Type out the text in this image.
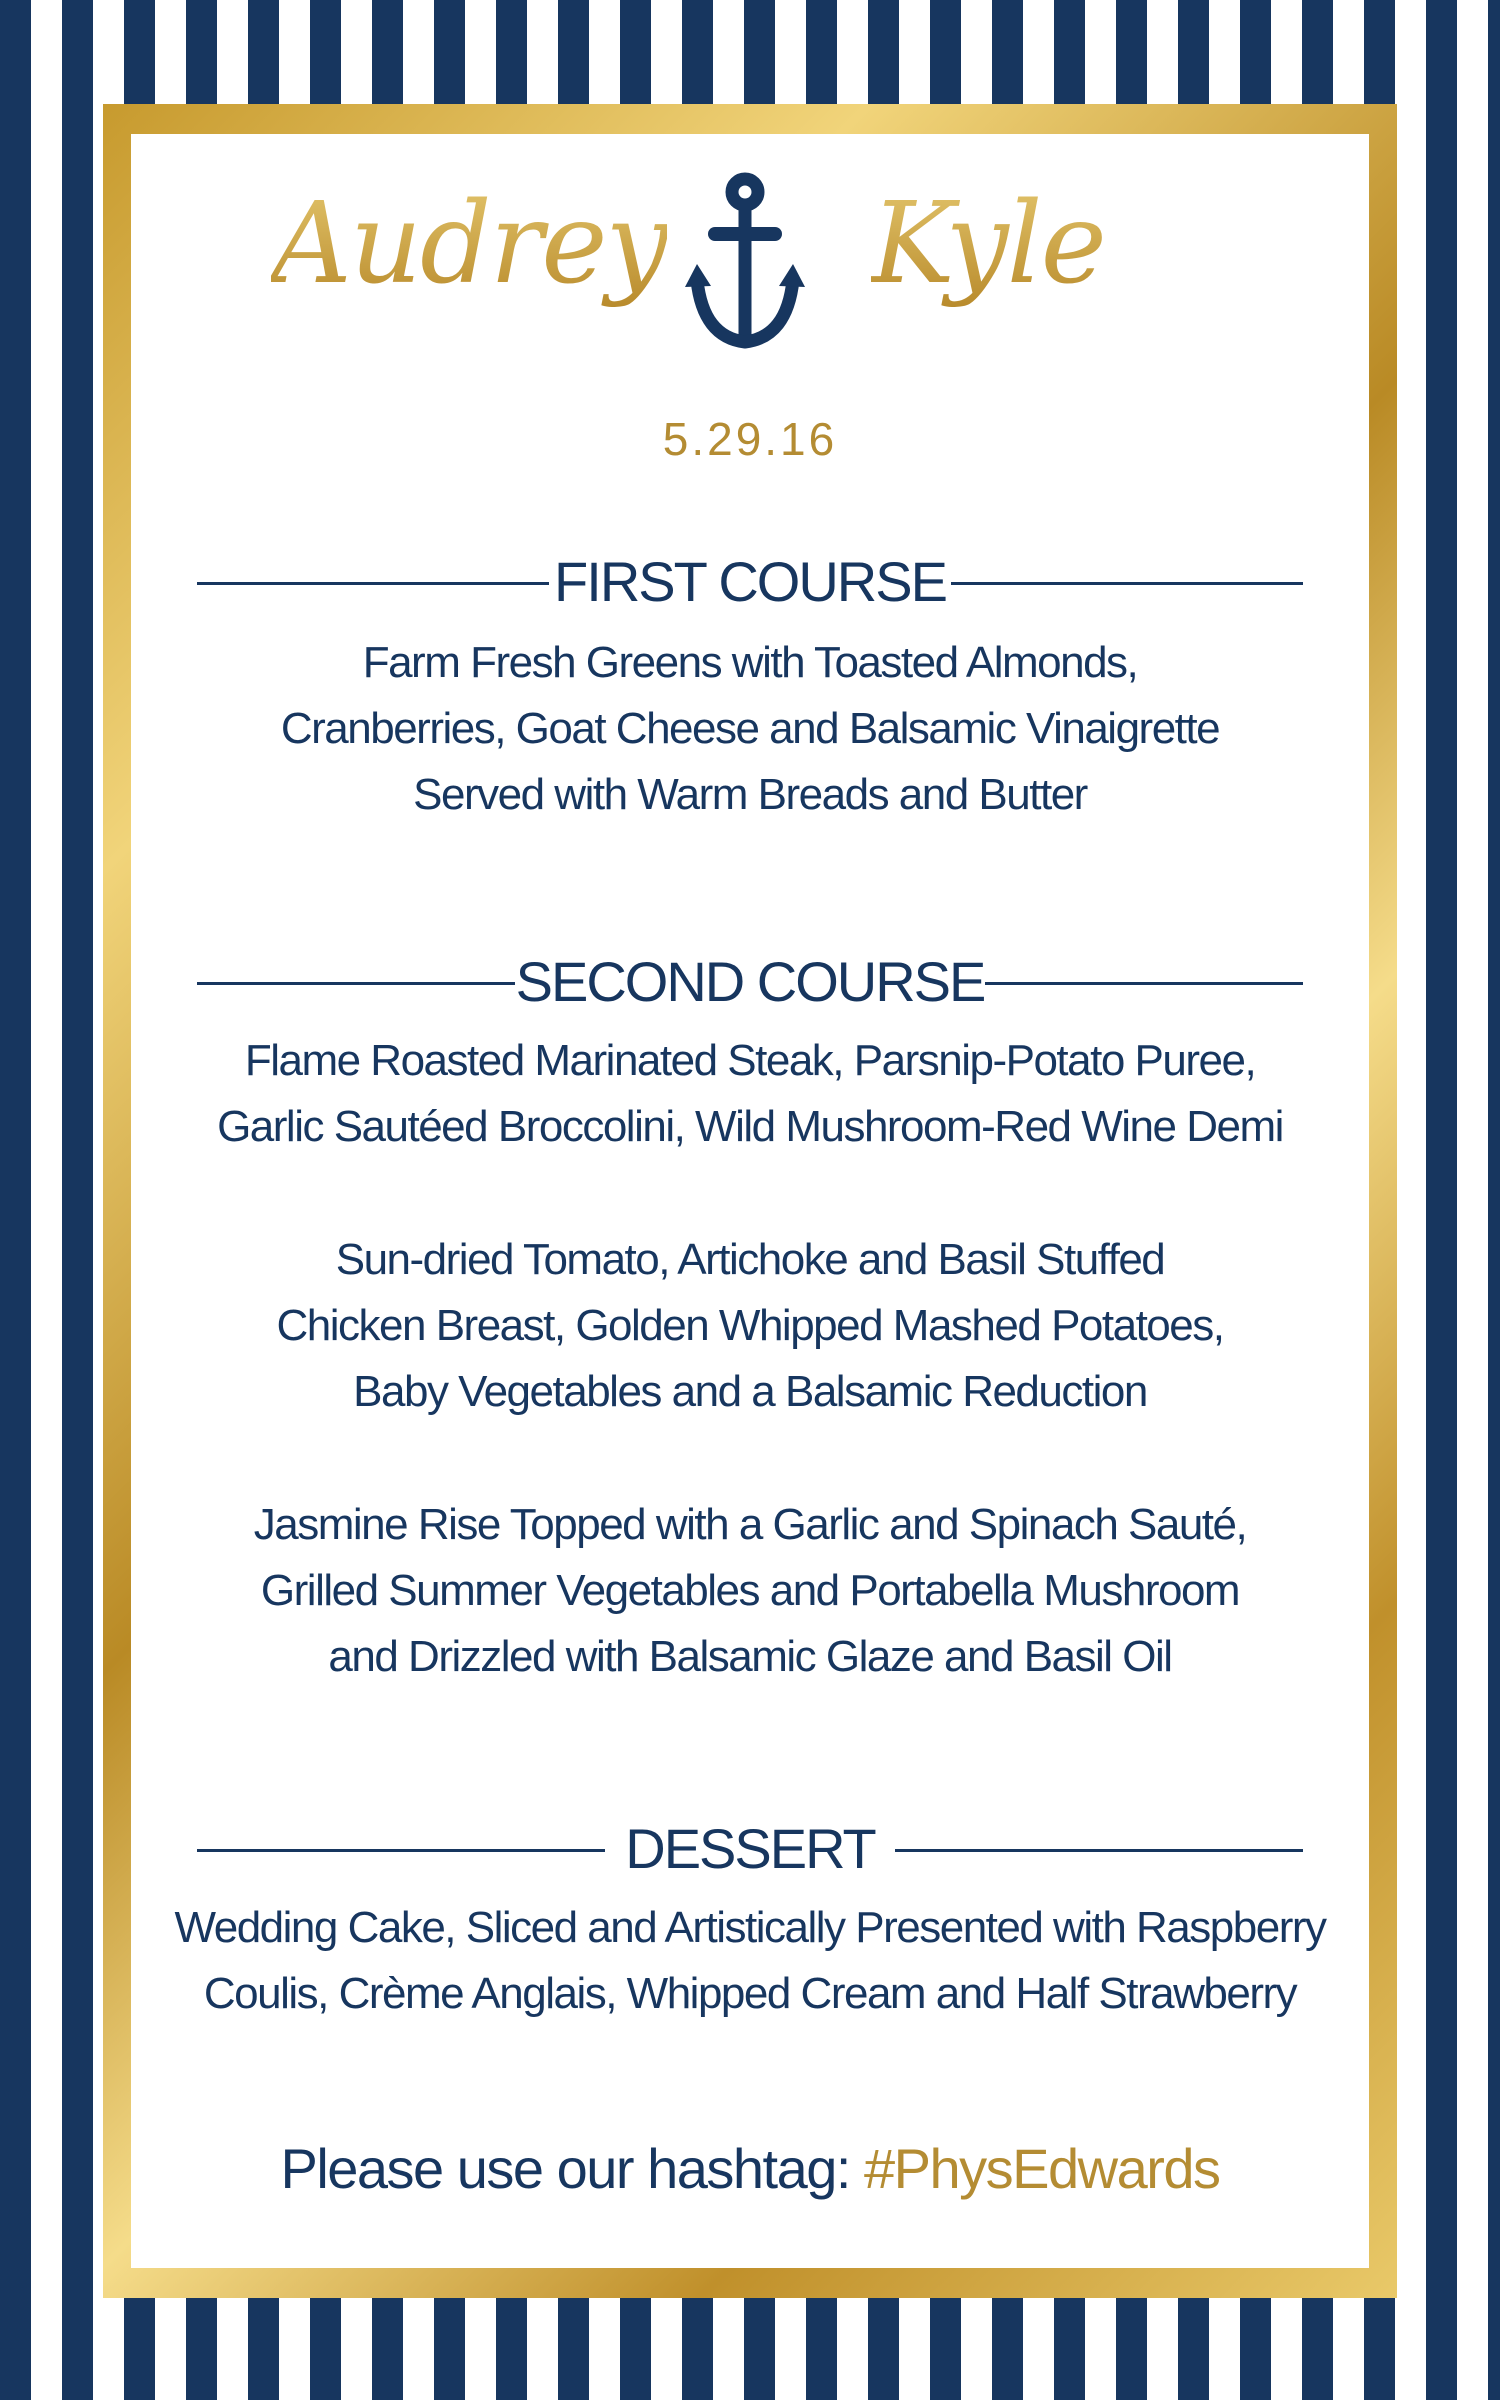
Audrey Kyle
5.29.16
FIRST COURSE

Farm Fresh Greens with Toasted Almonds,

Cranberries, Goat Cheese and Balsamic Vinaigrette

Served with Warm Breads and Butter

SECOND COURSE

Flame Roasted Marinated Steak, Parsnip-Potato Puree,

Garlic Sautéed Broccolini, Wild Mushroom-Red Wine Demi

Sun-dried Tomato, Artichoke and Basil Stuffed

Chicken Breast, Golden Whipped Mashed Potatoes,

Baby Vegetables and a Balsamic Reduction

Jasmine Rise Topped with a Garlic and Spinach Sauté,

Grilled Summer Vegetables and Portabella Mushroom

and Drizzled with Balsamic Glaze and Basil Oil

DESSERT

Wedding Cake, Sliced and Artistically Presented with Raspberry

Coulis, Crème Anglais, Whipped Cream and Half Strawberry

Please use our hashtag: #PhysEdwards
